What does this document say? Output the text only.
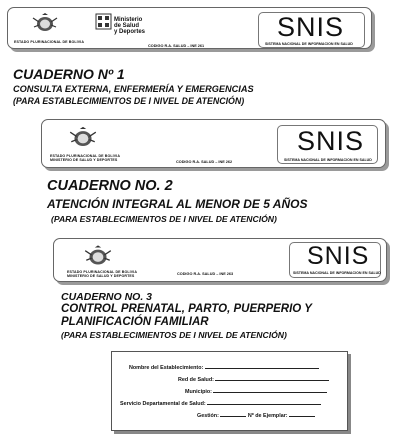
ESTADO PLURINACIONAL DE BOLIVIA
Ministerio
de Salud
y Deportes
CODIGO R.A. SALUD – INE 261
SNIS
SISTEMA NACIONAL DE INFORMACION EN SALUD
CUADERNO Nº 1
CONSULTA EXTERNA, ENFERMERÍA Y EMERGENCIAS
(PARA ESTABLECIMIENTOS DE I NIVEL DE ATENCIÓN)
ESTADO PLURINACIONAL DE BOLIVIA
MINISTERIO DE SALUD Y DEPORTES	CODIGO R.A. SALUD – INE 262
SNIS
SISTEMA NACIONAL DE INFORMACION EN SALUD
CUADERNO NO. 2
ATENCIÓN INTEGRAL AL MENOR DE 5 AÑOS
(PARA ESTABLECIMIENTOS DE I NIVEL DE ATENCIÓN)
ESTADO PLURINACIONAL DE BOLIVIA
MINISTERIO DE SALUD Y DEPORTES	CODIGO R.A. SALUD – INE 263
SNIS
SISTEMA NACIONAL DE INFORMACION EN SALUD
CUADERNO NO. 3
CONTROL PRENATAL, PARTO, PUERPERIO Y
PLANIFICACIÓN FAMILIAR
(PARA ESTABLECIMIENTOS DE I NIVEL DE ATENCIÓN)
Nombre del Establecimiento:
Red de Salud:
Municipio:
Servicio Departamental de Salud:
Gestión:	Nº de Ejemplar:
